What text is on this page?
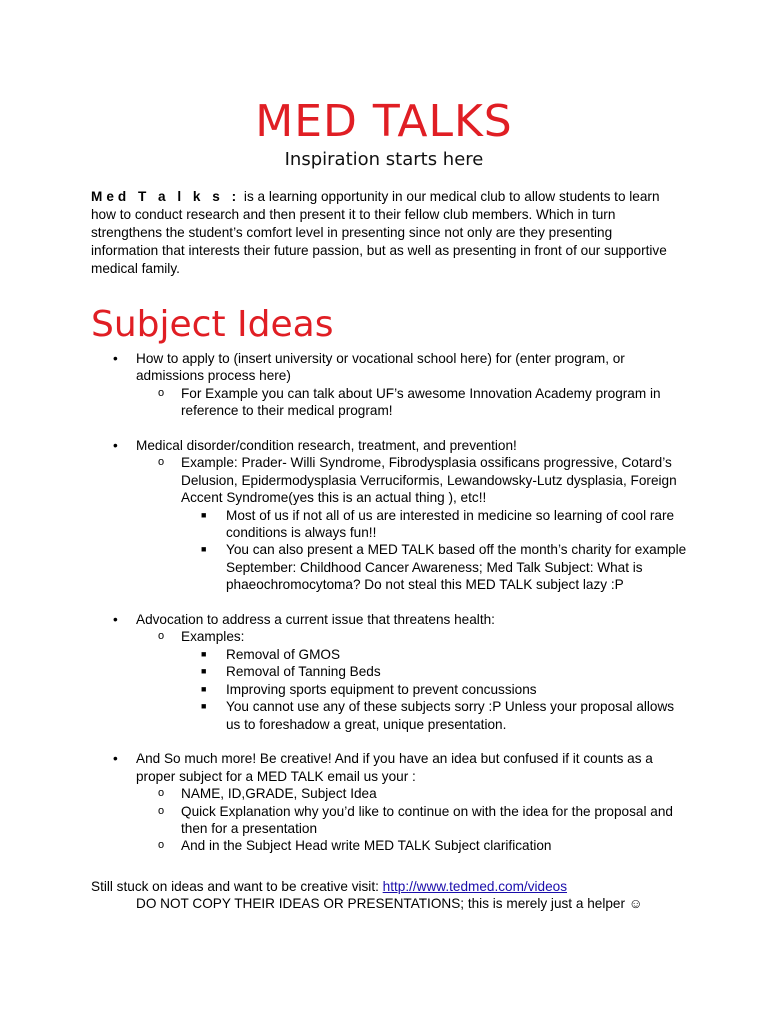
MED TALKS
Inspiration starts here

Med T a l k s : is a learning opportunity in our medical club to allow students to learn how to conduct research and then present it to their fellow club members. Which in turn strengthens the student’s comfort level in presenting since not only are they presenting information that interests their future passion, but as well as presenting in front of our supportive medical family.

Subject Ideas
• How to apply to (insert university or vocational school here) for (enter program, or admissions process here)
o For Example you can talk about UF’s awesome Innovation Academy program in reference to their medical program!
• Medical disorder/condition research, treatment, and prevention!
o Example: Prader- Willi Syndrome, Fibrodysplasia ossificans progressive, Cotard’s Delusion, Epidermodysplasia Verruciformis, Lewandowsky-Lutz dysplasia, Foreign Accent Syndrome(yes this is an actual thing ), etc!!
■ Most of us if not all of us are interested in medicine so learning of cool rare conditions is always fun!!
■ You can also present a MED TALK based off the month’s charity for example September: Childhood Cancer Awareness; Med Talk Subject: What is phaeochromocytoma? Do not steal this MED TALK subject lazy :P
• Advocation to address a current issue that threatens health:
o Examples:
■ Removal of GMOS
■ Removal of Tanning Beds
■ Improving sports equipment to prevent concussions
■ You cannot use any of these subjects sorry :P Unless your proposal allows us to foreshadow a great, unique presentation.
• And So much more! Be creative! And if you have an idea but confused if it counts as a proper subject for a MED TALK email us your :
o NAME, ID,GRADE, Subject Idea
o Quick Explanation why you’d like to continue on with the idea for the proposal and then for a presentation
o And in the Subject Head write MED TALK Subject clarification
Still stuck on ideas and want to be creative visit: http://www.tedmed.com/videos
DO NOT COPY THEIR IDEAS OR PRESENTATIONS; this is merely just a helper ☺
